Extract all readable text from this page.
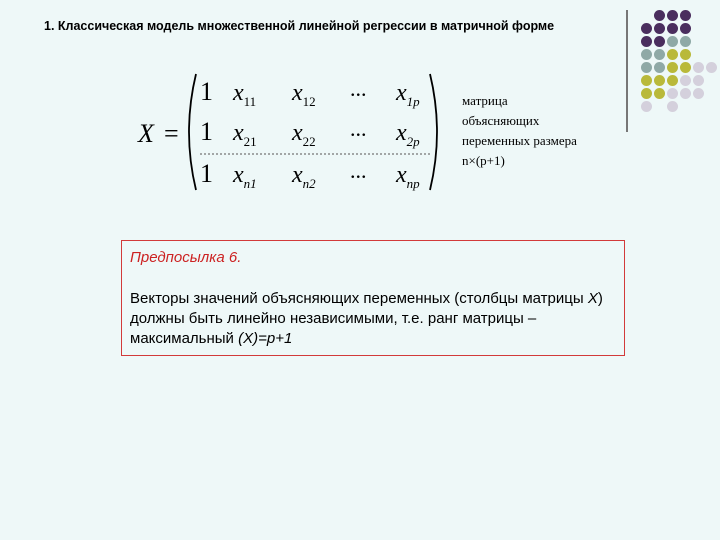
1. Классическая модель множественной линейной регрессии в матричной форме
X =
1 $x_{11}$ $x_{12}$
... $x_{1p}$
1 $x_{21}$ $x_{22}$
... $x_{2p}$
1 $x_{n1}$ $x_{n2}$
... $x_{np}$
матрица
объясняющих
переменных размера
n×(p+1)
Предпосылка 6.
Векторы значений объясняющих переменных (столбцы матрицы X) должны быть линейно независимыми, т.е. ранг матрицы – максимальный (X)=p+1
